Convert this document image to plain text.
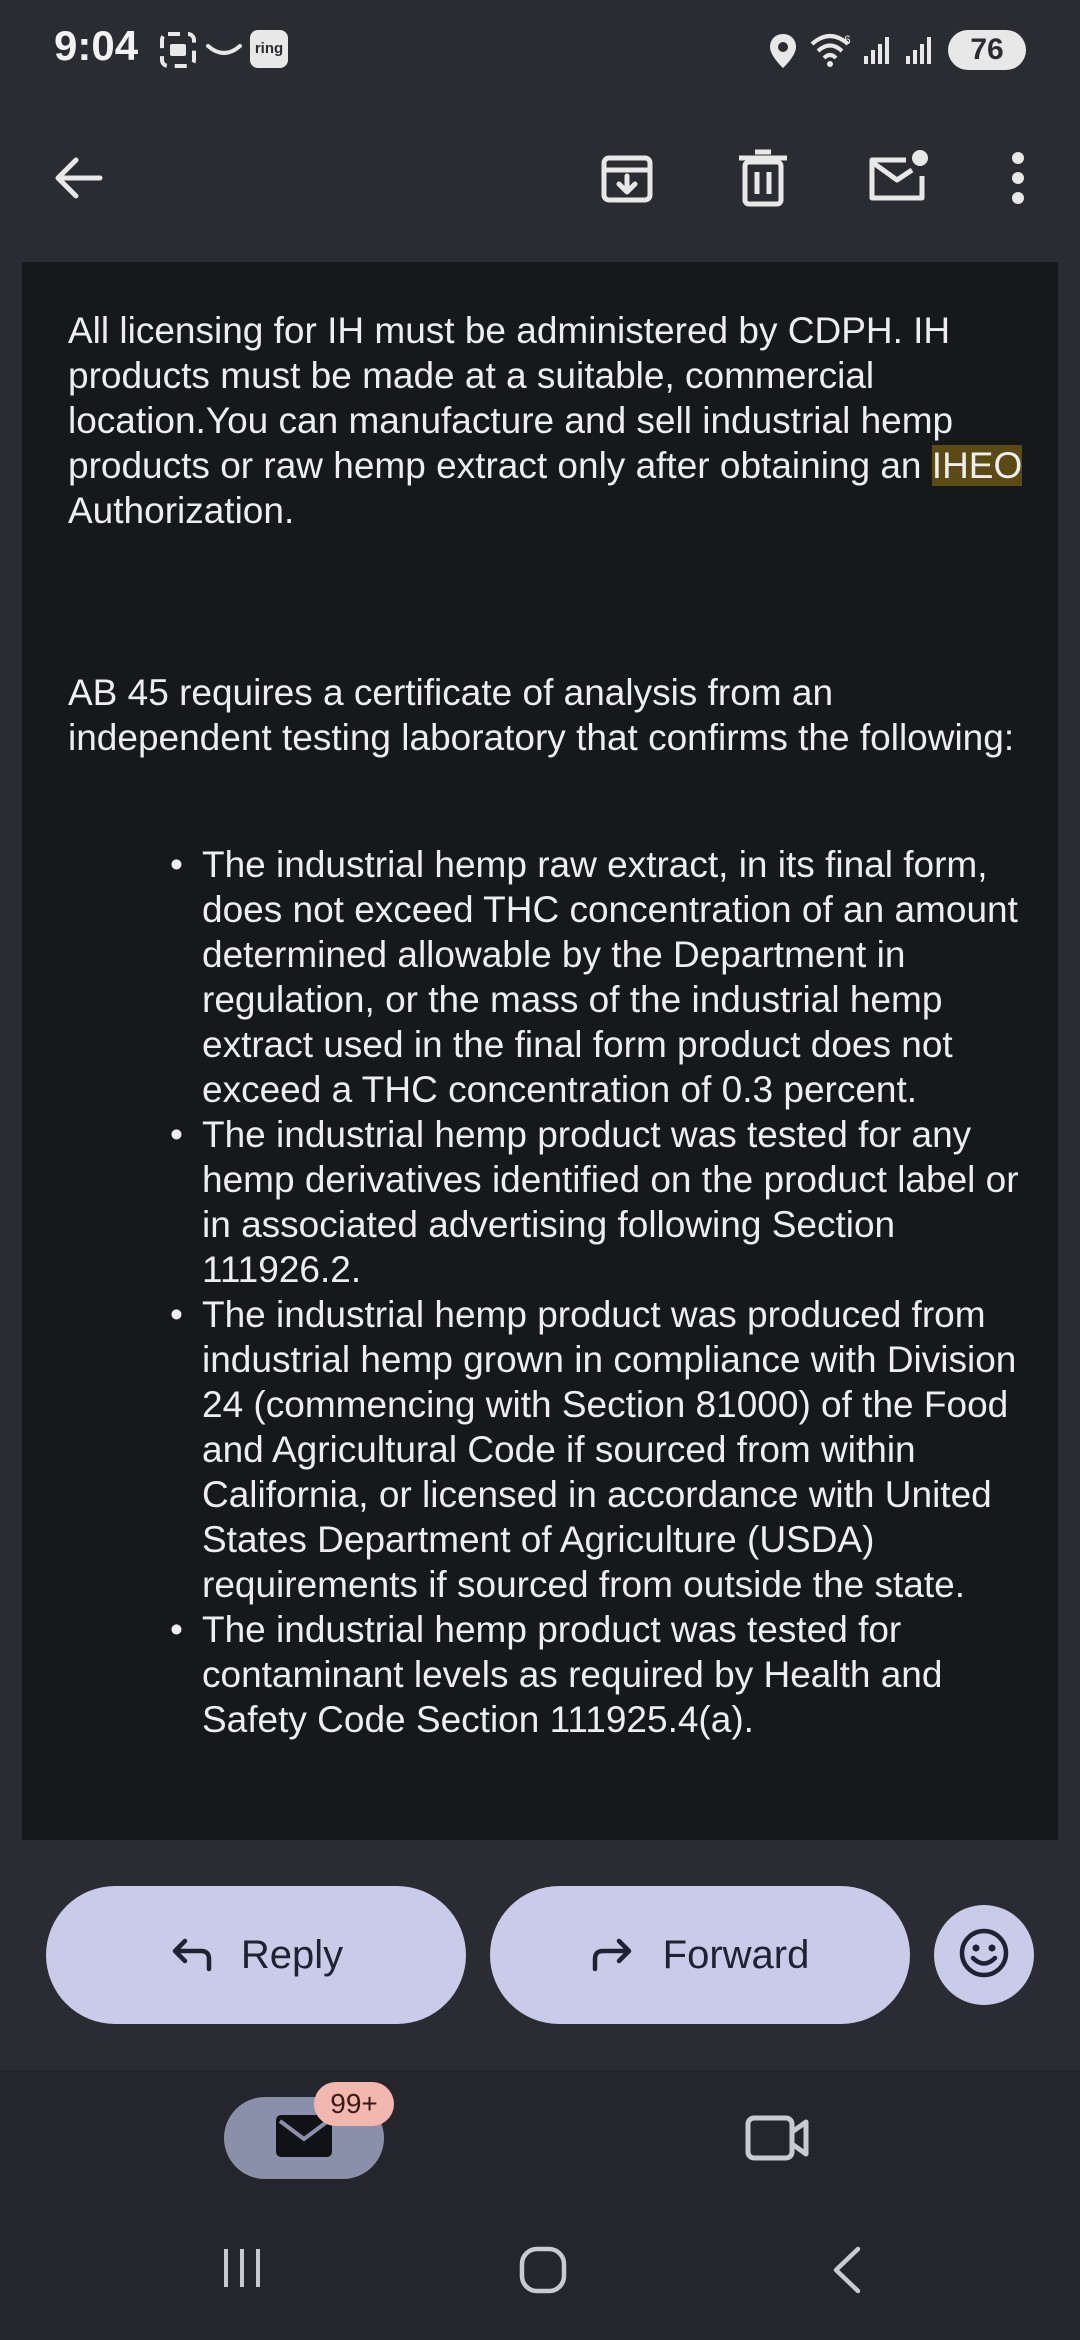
9:04	ring	6	76

All licensing for IH must be administered by CDPH. IH products must be made at a suitable, commercial location.You can manufacture and sell industrial hemp products or raw hemp extract only after obtaining an IHEO Authorization.

AB 45 requires a certificate of analysis from an independent testing laboratory that confirms the following:

• The industrial hemp raw extract, in its final form, does not exceed THC concentration of an amount determined allowable by the Department in regulation, or the mass of the industrial hemp extract used in the final form product does not exceed a THC concentration of 0.3 percent.
• The industrial hemp product was tested for any hemp derivatives identified on the product label or in associated advertising following Section 111926.2.
• The industrial hemp product was produced from industrial hemp grown in compliance with Division 24 (commencing with Section 81000) of the Food and Agricultural Code if sourced from within California, or licensed in accordance with United States Department of Agriculture (USDA) requirements if sourced from outside the state.
• The industrial hemp product was tested for contaminant levels as required by Health and Safety Code Section 111925.4(a).
Reply	Forward
99+
